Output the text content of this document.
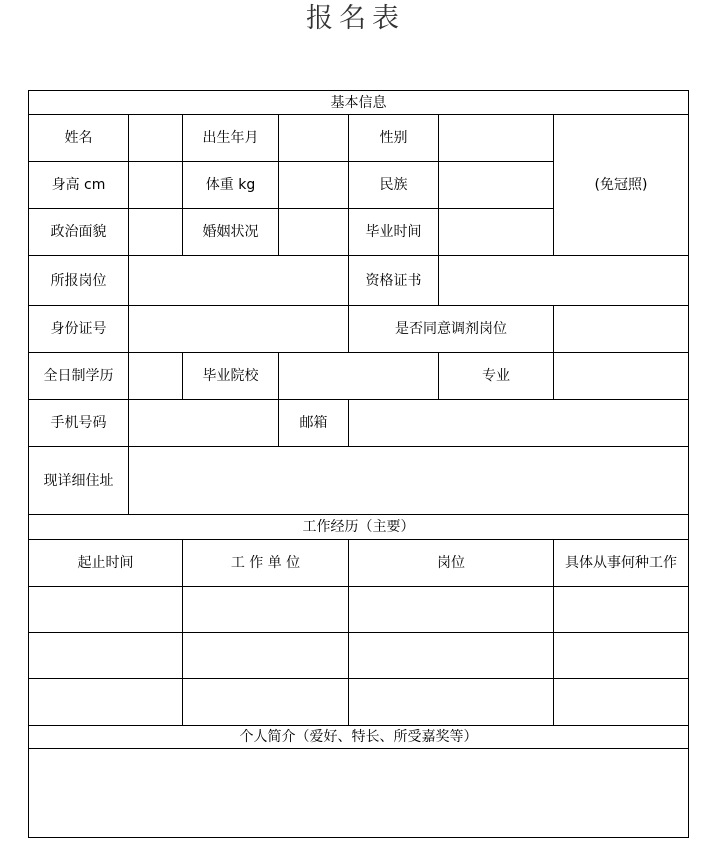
报名表
基本信息						
姓名		出生年月		性别		(免冠照)
身高 cm		体重 kg		民族		
政治面貌		婚姻状况		毕业时间		
所报岗位				资格证书		
身份证号				是否同意调剂岗位		
全日制学历		毕业院校			专业	
手机号码			邮箱			
现详细住址						
工作经历（主要）						
起止时间		工 作 单 位		岗位		具体从事何种工作

个人简介（爱好、特长、所受嘉奖等）						
